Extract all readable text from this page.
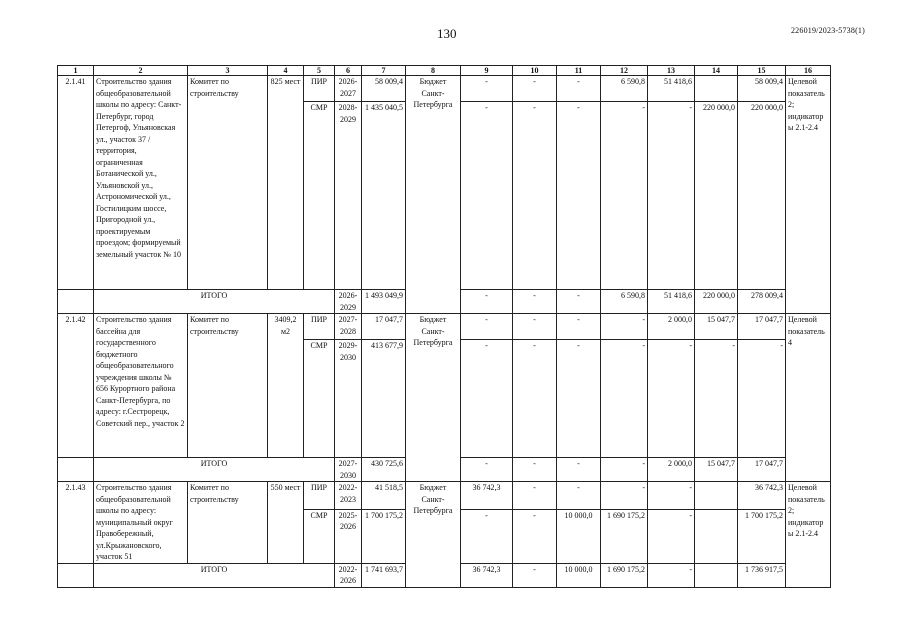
130	226019/2023-5738(1)
1	2	3	4	5	6	7	8	9	10	11	12	13	14	15	16
2.1.41	Строительство здания общеобразовательной школы по адресу: Санкт-Петербург, город Петергоф, Ульяновская ул., участок 37 / территория, ограниченная Ботанической ул., Ульяновской ул., Астрономической ул., Гостилицким шоссе, Пригородной ул., проектируемым проездом; формируемый земельный участок № 10	Комитет по строительству	825 мест	ПИР	2026-2027	58 009,4	Бюджет Санкт-Петербурга	-	-	-	6 590,8	51 418,6		58 009,4	Целевой показатель 2; индикаторы 2.1-2.4
				СМР	2028-2029	1 435 040,5		-	-	-	-	-	220 000,0	220 000,0	
	ИТОГО				2026-2029	1 493 049,9		-	-	-	6 590,8	51 418,6	220 000,0	278 009,4	
2.1.42	Строительство здания бассейна для государственного бюджетного общеобразовательного учреждения школы № 656 Курортного района Санкт-Петербурга, по адресу: г.Сестрорецк, Советский пер., участок 2	Комитет по строительству	3409,2 м2	ПИР	2027-2028	17 047,7	Бюджет Санкт-Петербурга	-	-	-	-	2 000,0	15 047,7	17 047,7	Целевой показатель 4
				СМР	2029-2030	413 677,9		-	-	-	-	-	-	-	
	ИТОГО				2027-2030	430 725,6		-	-	-	-	2 000,0	15 047,7	17 047,7	
2.1.43	Строительство здания общеобразовательной школы по адресу: муниципальный округ Правобережный, ул.Крыжановского, участок 51	Комитет по строительству	550 мест	ПИР	2022-2023	41 518,5	Бюджет Санкт-Петербурга	36 742,3	-	-	-	-		36 742,3	Целевой показатель 2; индикаторы 2.1-2.4
				СМР	2025-2026	1 700 175,2		-	-	10 000,0	1 690 175,2	-		1 700 175,2	
	ИТОГО				2022-2026	1 741 693,7		36 742,3	-	10 000,0	1 690 175,2	-		1 736 917,5	
